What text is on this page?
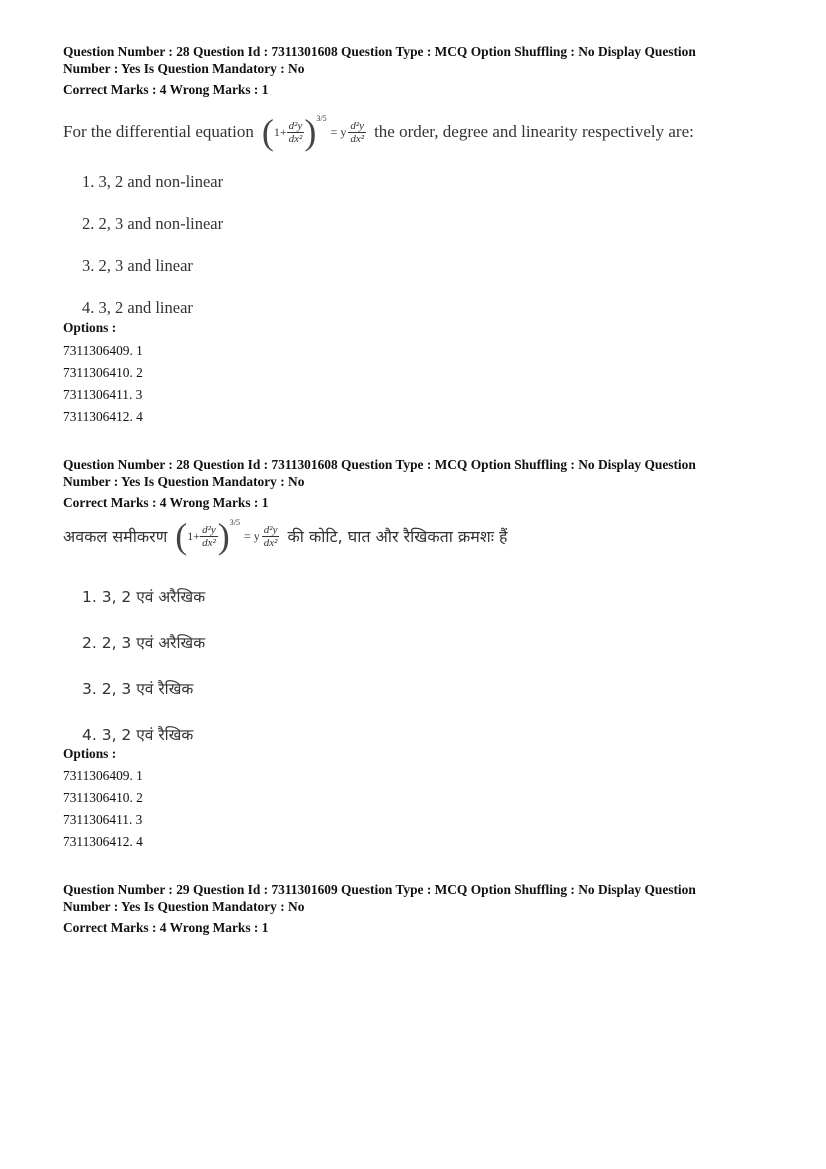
Question Number : 28 Question Id : 7311301608 Question Type : MCQ Option Shuffling : No Display Question
Number : Yes Is Question Mandatory : No
Correct Marks : 4 Wrong Marks : 1
For the differential equation ( $1+ \frac{\text{d²y}}{\text{dx²}}$ ) 3/5
= y $\frac{\text{d²y}}{\text{dx²}}$ the order, degree and linearity respectively are:
1. 3, 2 and non-linear
2. 2, 3 and non-linear
3. 2, 3 and linear
4. 3, 2 and linear
Options :
7311306409. 1
7311306410. 2
7311306411. 3
7311306412. 4
Question Number : 28 Question Id : 7311301608 Question Type : MCQ Option Shuffling : No Display Question
Number : Yes Is Question Mandatory : No
Correct Marks : 4 Wrong Marks : 1
अवकल समीकरण ( $1+ \frac{\text{d²y}}{\text{dx²}}$ ) 3/5
= y $\frac{\text{d²y}}{\text{dx²}}$ की कोटि, घात और रैखिकता क्रमशः हैं
1. 3, 2 एवं अरैखिक
2. 2, 3 एवं अरैखिक
3. 2, 3 एवं रैखिक
4. 3, 2 एवं रैखिक
Options :
7311306409. 1
7311306410. 2
7311306411. 3
7311306412. 4
Question Number : 29 Question Id : 7311301609 Question Type : MCQ Option Shuffling : No Display Question
Number : Yes Is Question Mandatory : No
Correct Marks : 4 Wrong Marks : 1
